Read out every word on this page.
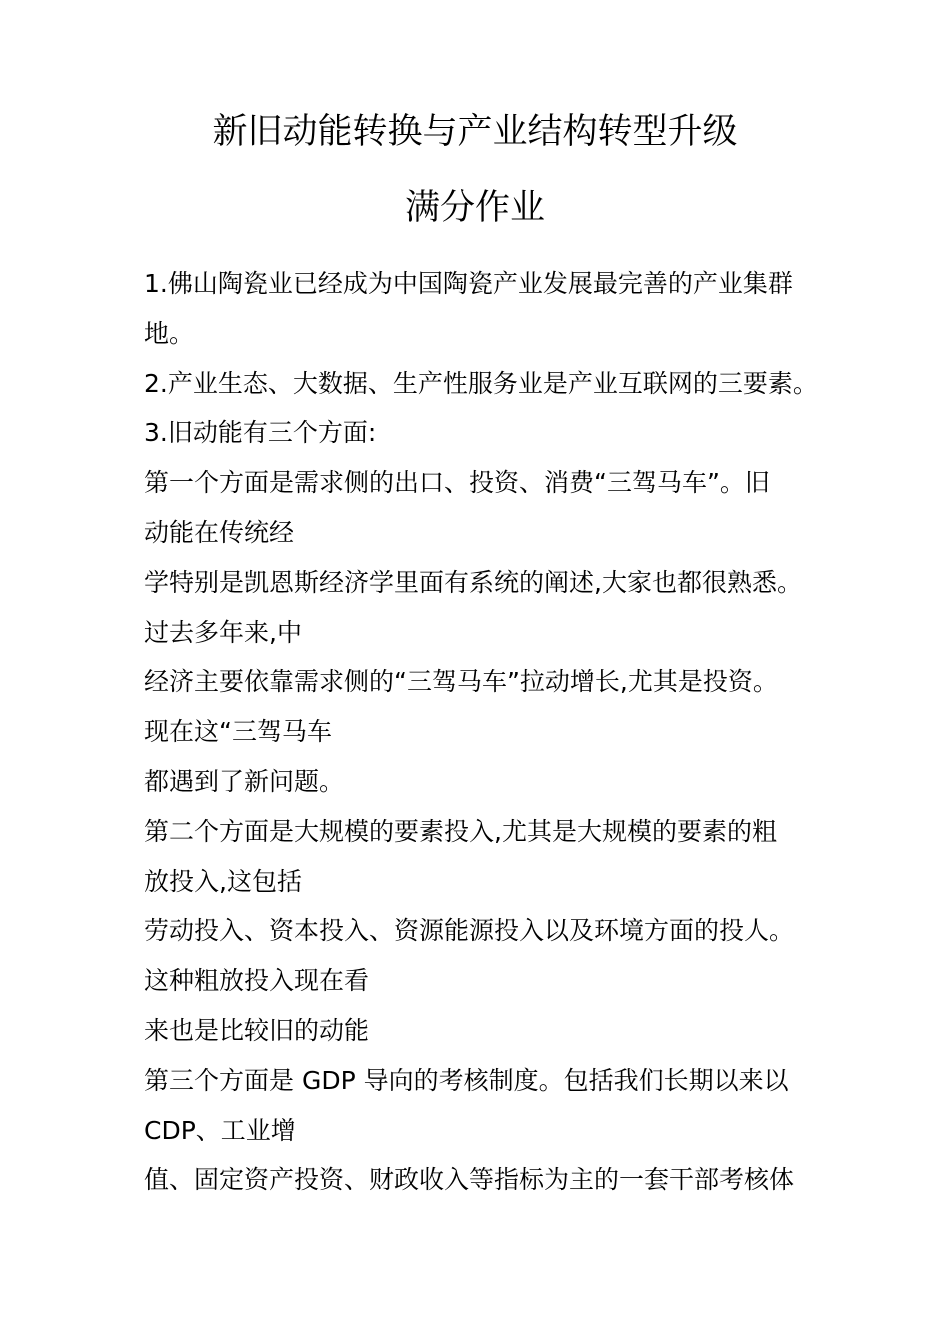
新旧动能转换与产业结构转型升级
满分作业
1.佛山陶瓷业已经成为中国陶瓷产业发展最完善的产业集群
地。
2.产业生态、大数据、生产性服务业是产业互联网的三要素。
3.旧动能有三个方面:
第一个方面是需求侧的出口、投资、消费“三驾马车”。旧
动能在传统经
学特别是凯恩斯经济学里面有系统的阐述,大家也都很熟悉。
过去多年来,中
经济主要依靠需求侧的“三驾马车”拉动增长,尤其是投资。
现在这“三驾马车
都遇到了新问题。
第二个方面是大规模的要素投入,尤其是大规模的要素的粗
放投入,这包括
劳动投入、资本投入、资源能源投入以及环境方面的投人。
这种粗放投入现在看
来也是比较旧的动能
第三个方面是 GDP 导向的考核制度。包括我们长期以来以
CDP、工业增
值、固定资产投资、财政收入等指标为主的一套干部考核体
